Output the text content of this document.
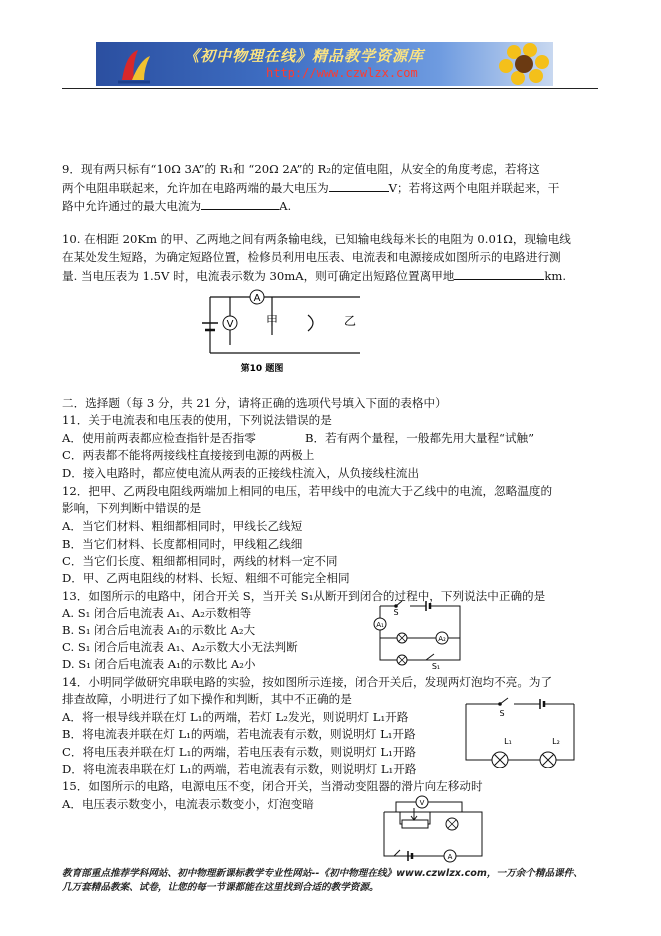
《初中物理在线》精品教学资源库
http://www.czwlzx.com
9．现有两只标有“10Ω 3A”的 R₁和 “20Ω 2A”的 R₂的定值电阻，从安全的角度考虑，若将这
两个电阻串联起来，允许加在电路两端的最大电压为	V；若将这两个电阻并联起来，干
路中允许通过的最大电流为	A.
10. 在相距 20Km 的甲、乙两地之间有两条输电线，已知输电线每米长的电阻为 0.01Ω，现输电线
在某处发生短路，为确定短路位置，检修员利用电压表、电流表和电源接成如图所示的电路进行测
量. 当电压表为 1.5V 时，电流表示数为 30mA，则可确定出短路位置离甲地	km.
A
V	甲	乙
第10 题图
二．选择题（每 3 分，共 21 分，请将正确的选项代号填入下面的表格中）
11．关于电流表和电压表的使用，下列说法错误的是
A．使用前两表都应检查指针是否指零	B．若有两个量程，一般都先用大量程“试触”
C．两表都不能将两接线柱直接接到电源的两极上
D．接入电路时，都应使电流从两表的正接线柱流入，从负接线柱流出
12．把甲、乙两段电阻线两端加上相同的电压，若甲线中的电流大于乙线中的电流，忽略温度的
影响，下列判断中错误的是
A．当它们材料、粗细都相同时，甲线长乙线短
B．当它们材料、长度都相同时，甲线粗乙线细
C．当它们长度、粗细都相同时，两线的材料一定不同
D．甲、乙两电阻线的材料、长短、粗细不可能完全相同
13．如图所示的电路中，闭合开关 S，当开关 S₁从断开到闭合的过程中，下列说法中正确的是
A. S₁ 闭合后电流表 A₁、A₂示数相等
B. S₁ 闭合后电流表 A₁的示数比 A₂大
C. S₁ 闭合后电流表 A₁、A₂示数大小无法判断
D. S₁ 闭合后电流表 A₁的示数比 A₂小
S
A₁
A₂
S₁
14．小明同学做研究串联电路的实验，按如图所示连接，闭合开关后，发现两灯泡均不亮。为了
排查故障，小明进行了如下操作和判断，其中不正确的是
A．将一根导线并联在灯 L₁的两端，若灯 L₂发光，则说明灯 L₁开路
B．将电流表并联在灯 L₁的两端，若电流表有示数，则说明灯 L₁开路
C．将电压表并联在灯 L₁的两端，若电压表有示数，则说明灯 L₁开路
D．将电流表串联在灯 L₁的两端，若电流表有示数，则说明灯 L₁开路
S
L₁	L₂
15．如图所示的电路，电源电压不变，闭合开关，当滑动变阻器的滑片向左移动时
A．电压表示数变小，电流表示数变小，灯泡变暗	V
A
教育部重点推荐学科网站、初中物理新课标教学专业性网站--《初中物理在线》www.czwlzx.com，一万余个精品课件、
几万套精品教案、试卷，让您的每一节课都能在这里找到合适的教学资源。
